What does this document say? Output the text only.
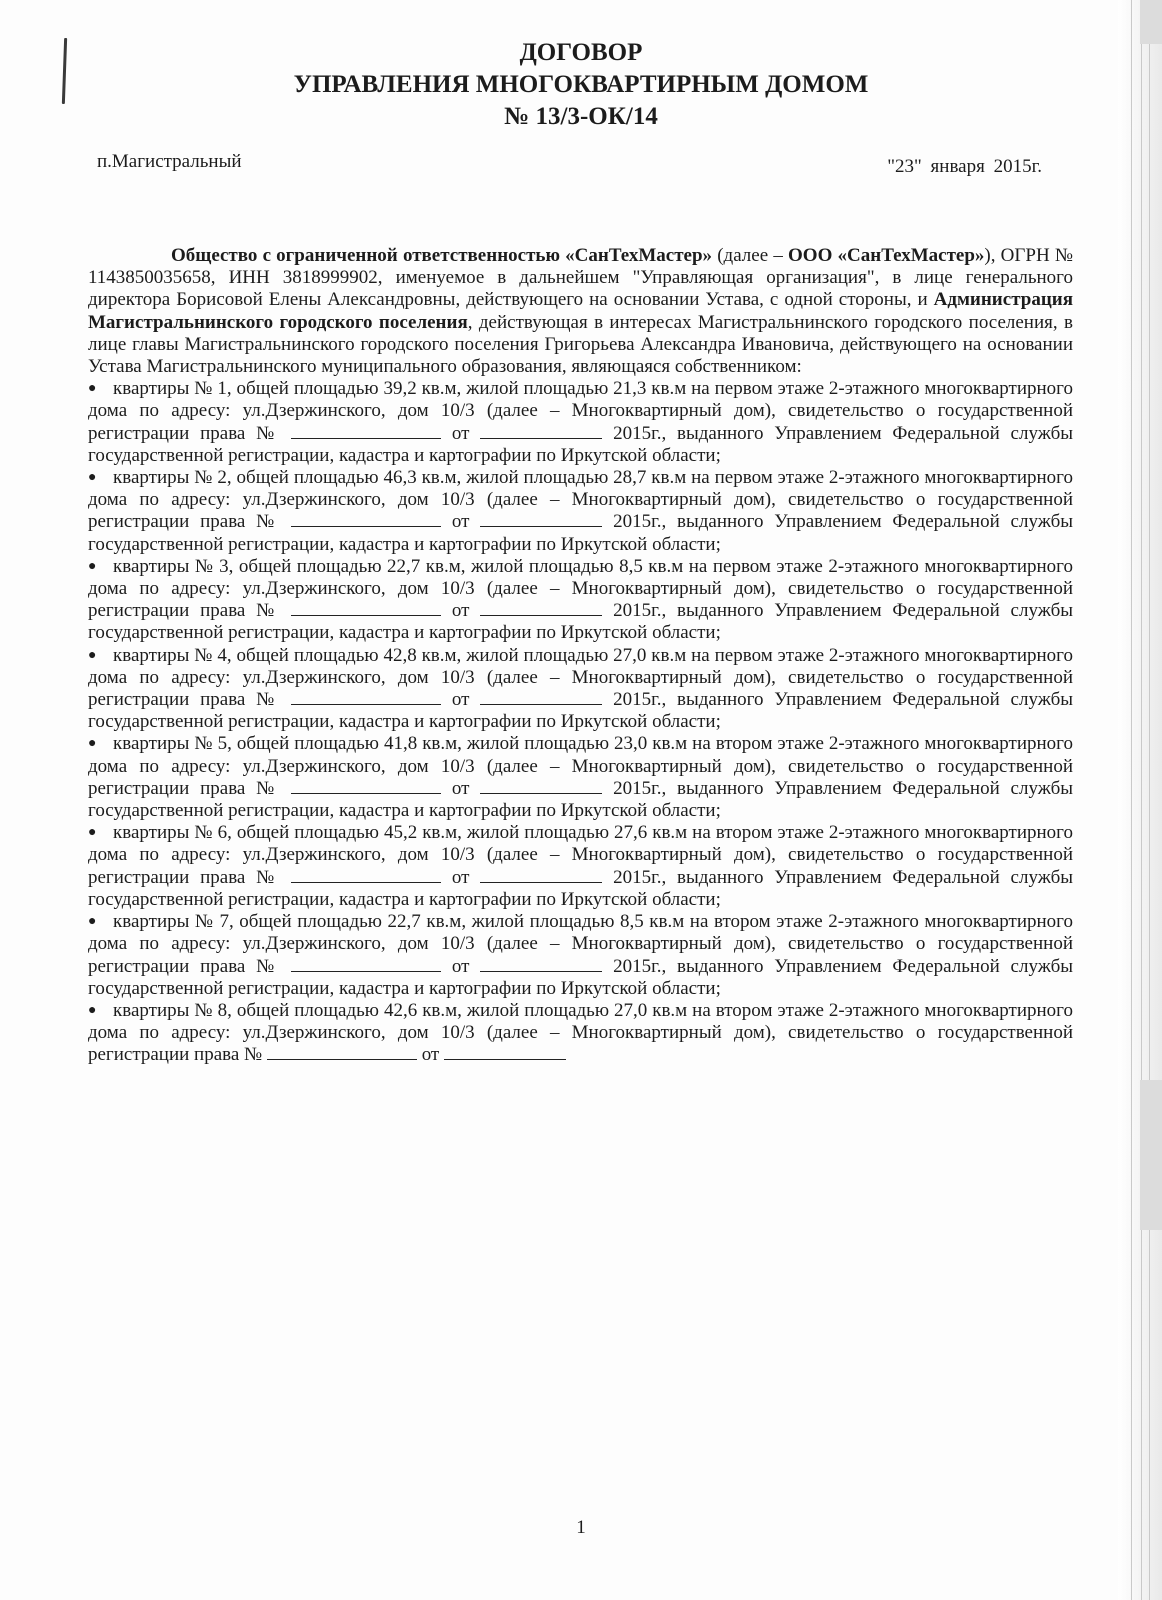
ДОГОВОР
УПРАВЛЕНИЯ МНОГОКВАРТИРНЫМ ДОМОМ
№ 13/3-ОК/14
п.Магистральный	"23" января 2015г.

Общество с ограниченной ответственностью «СанТехМастер» (далее – ООО «СанТехМастер»), ОГРН № 1143850035658, ИНН 3818999902, именуемое в дальнейшем "Управляющая организация", в лице генерального директора Борисовой Елены Александровны, действующего на основании Устава, с одной стороны, и Администрация Магистральнинского городского поселения, действующая в интересах Магистральнинского городского поселения, в лице главы Магистральнинского городского поселения Григорьева Александра Ивановича, действующего на основании Устава Магистральнинского муниципального образования, являющаяся собственником:

● квартиры № 1, общей площадью 39,2 кв.м, жилой площадью 21,3 кв.м на первом этаже 2-этажного многоквартирного дома по адресу: ул.Дзержинского, дом 10/3 (далее – Многоквартирный дом), свидетельство о государственной регистрации права №	от	2015г., выданного Управлением Федеральной службы государственной регистрации, кадастра и картографии по Иркутской области;

● квартиры № 2, общей площадью 46,3 кв.м, жилой площадью 28,7 кв.м на первом этаже 2-этажного многоквартирного дома по адресу: ул.Дзержинского, дом 10/3 (далее – Многоквартирный дом), свидетельство о государственной регистрации права №	от	2015г., выданного Управлением Федеральной службы государственной регистрации, кадастра и картографии по Иркутской области;

● квартиры № 3, общей площадью 22,7 кв.м, жилой площадью 8,5 кв.м на первом этаже 2-этажного многоквартирного дома по адресу: ул.Дзержинского, дом 10/3 (далее – Многоквартирный дом), свидетельство о государственной регистрации права №	от	2015г., выданного Управлением Федеральной службы государственной регистрации, кадастра и картографии по Иркутской области;

● квартиры № 4, общей площадью 42,8 кв.м, жилой площадью 27,0 кв.м на первом этаже 2-этажного многоквартирного дома по адресу: ул.Дзержинского, дом 10/3 (далее – Многоквартирный дом), свидетельство о государственной регистрации права №	от	2015г., выданного Управлением Федеральной службы государственной регистрации, кадастра и картографии по Иркутской области;

● квартиры № 5, общей площадью 41,8 кв.м, жилой площадью 23,0 кв.м на втором этаже 2-этажного многоквартирного дома по адресу: ул.Дзержинского, дом 10/3 (далее – Многоквартирный дом), свидетельство о государственной регистрации права №	от	2015г., выданного Управлением Федеральной службы государственной регистрации, кадастра и картографии по Иркутской области;

● квартиры № 6, общей площадью 45,2 кв.м, жилой площадью 27,6 кв.м на втором этаже 2-этажного многоквартирного дома по адресу: ул.Дзержинского, дом 10/3 (далее – Многоквартирный дом), свидетельство о государственной регистрации права №	от	2015г., выданного Управлением Федеральной службы государственной регистрации, кадастра и картографии по Иркутской области;

● квартиры № 7, общей площадью 22,7 кв.м, жилой площадью 8,5 кв.м на втором этаже 2-этажного многоквартирного дома по адресу: ул.Дзержинского, дом 10/3 (далее – Многоквартирный дом), свидетельство о государственной регистрации права №	от	2015г., выданного Управлением Федеральной службы государственной регистрации, кадастра и картографии по Иркутской области;

● квартиры № 8, общей площадью 42,6 кв.м, жилой площадью 27,0 кв.м на втором этаже 2-этажного многоквартирного дома по адресу: ул.Дзержинского, дом 10/3 (далее – Многоквартирный дом), свидетельство о государственной регистрации права №	от

1
